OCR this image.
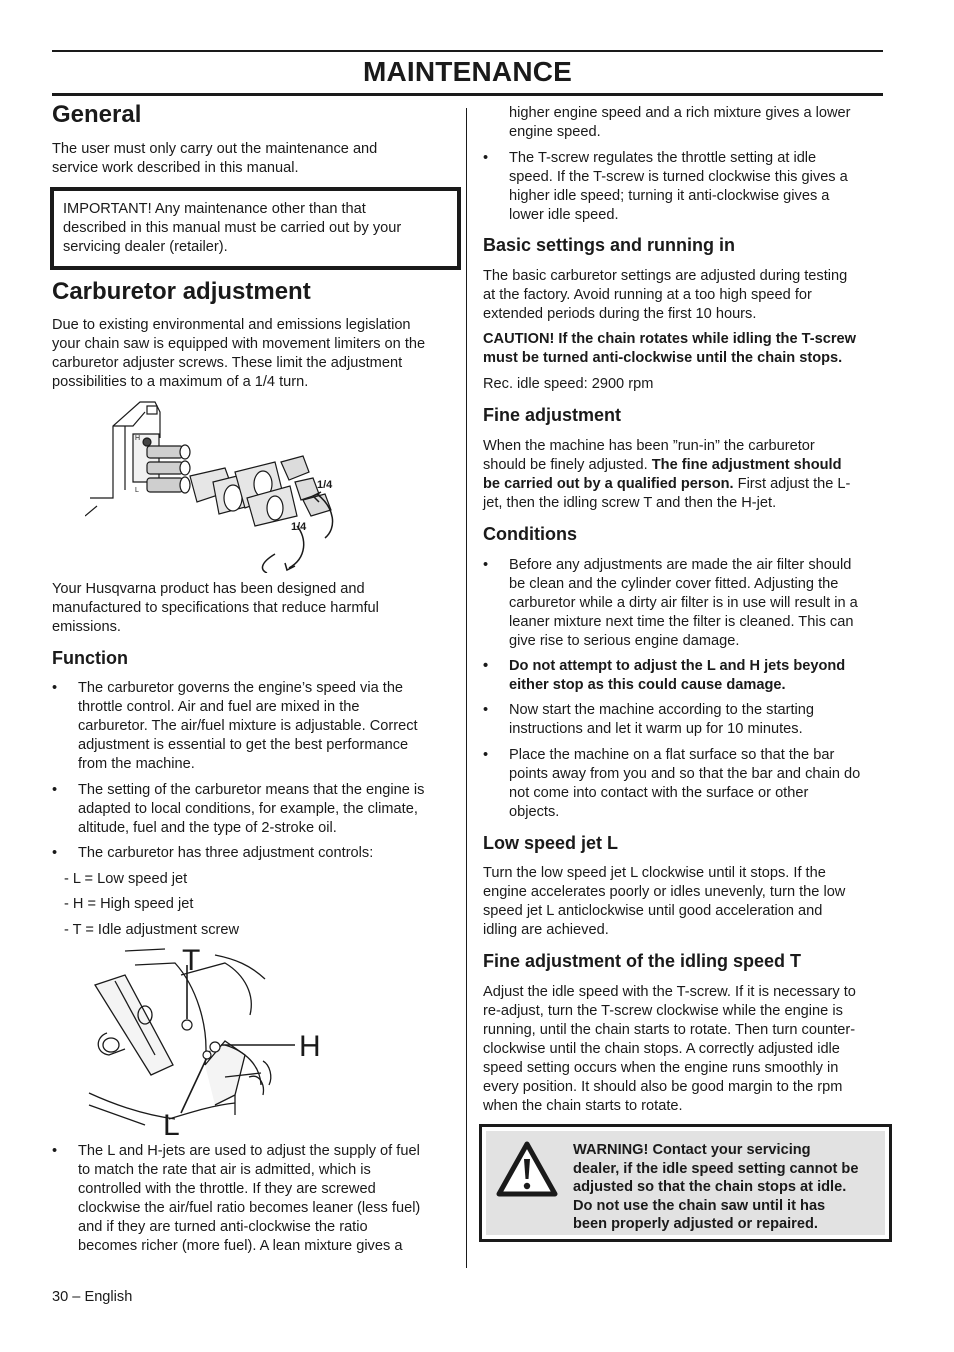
MAINTENANCE
General
The user must only carry out the maintenance and
service work described in this manual.
IMPORTANT! Any maintenance other than that
described in this manual must be carried out by your
servicing dealer (retailer).
Carburetor adjustment
Due to existing environmental and emissions legislation
your chain saw is equipped with movement limiters on the
carburetor adjuster screws. These limit the adjustment
possibilities to a maximum of a 1/4 turn.
H
L	1/4
1/4
Your Husqvarna product has been designed and
manufactured to specifications that reduce harmful
emissions.
Function
• The carburetor governs the engine’s speed via the
throttle control. Air and fuel are mixed in the
carburetor. The air/fuel mixture is adjustable. Correct
adjustment is essential to get the best performance
from the machine.
• The setting of the carburetor means that the engine is
adapted to local conditions, for example, the climate,
altitude, fuel and the type of 2-stroke oil.
• The carburetor has three adjustment controls:
- L = Low speed jet
- H = High speed jet
- T = Idle adjustment screw
T
H
L
• The L and H-jets are used to adjust the supply of fuel
to match the rate that air is admitted, which is
controlled with the throttle. If they are screwed
clockwise the air/fuel ratio becomes leaner (less fuel)
and if they are turned anti-clockwise the ratio
becomes richer (more fuel). A lean mixture gives a
higher engine speed and a rich mixture gives a lower
engine speed.
• The T-screw regulates the throttle setting at idle
speed. If the T-screw is turned clockwise this gives a
higher idle speed; turning it anti-clockwise gives a
lower idle speed.
Basic settings and running in
The basic carburetor settings are adjusted during testing
at the factory. Avoid running at a too high speed for
extended periods during the first 10 hours.
CAUTION! If the chain rotates while idling the T-screw
must be turned anti-clockwise until the chain stops.
Rec. idle speed: 2900 rpm
Fine adjustment
When the machine has been ”run-in” the carburetor
should be finely adjusted. The fine adjustment should
be carried out by a qualified person. First adjust the L-
jet, then the idling screw T and then the H-jet.
Conditions
• Before any adjustments are made the air filter should
be clean and the cylinder cover fitted. Adjusting the
carburetor while a dirty air filter is in use will result in a
leaner mixture next time the filter is cleaned. This can
give rise to serious engine damage.
• Do not attempt to adjust the L and H jets beyond
either stop as this could cause damage.
• Now start the machine according to the starting
instructions and let it warm up for 10 minutes.
• Place the machine on a flat surface so that the bar
points away from you and so that the bar and chain do
not come into contact with the surface or other
objects.
Low speed jet L
Turn the low speed jet L clockwise until it stops. If the
engine accelerates poorly or idles unevenly, turn the low
speed jet L anticlockwise until good acceleration and
idling are achieved.
Fine adjustment of the idling speed T
Adjust the idle speed with the T-screw. If it is necessary to
re-adjust, turn the T-screw clockwise while the engine is
running, until the chain starts to rotate. Then turn counter-
clockwise until the chain stops. A correctly adjusted idle
speed setting occurs when the engine runs smoothly in
every position. It should also be good margin to the rpm
when the chain starts to rotate.
WARNING! Contact your servicing
dealer, if the idle speed setting cannot be
adjusted so that the chain stops at idle.
Do not use the chain saw until it has
been properly adjusted or repaired.
30 – English
